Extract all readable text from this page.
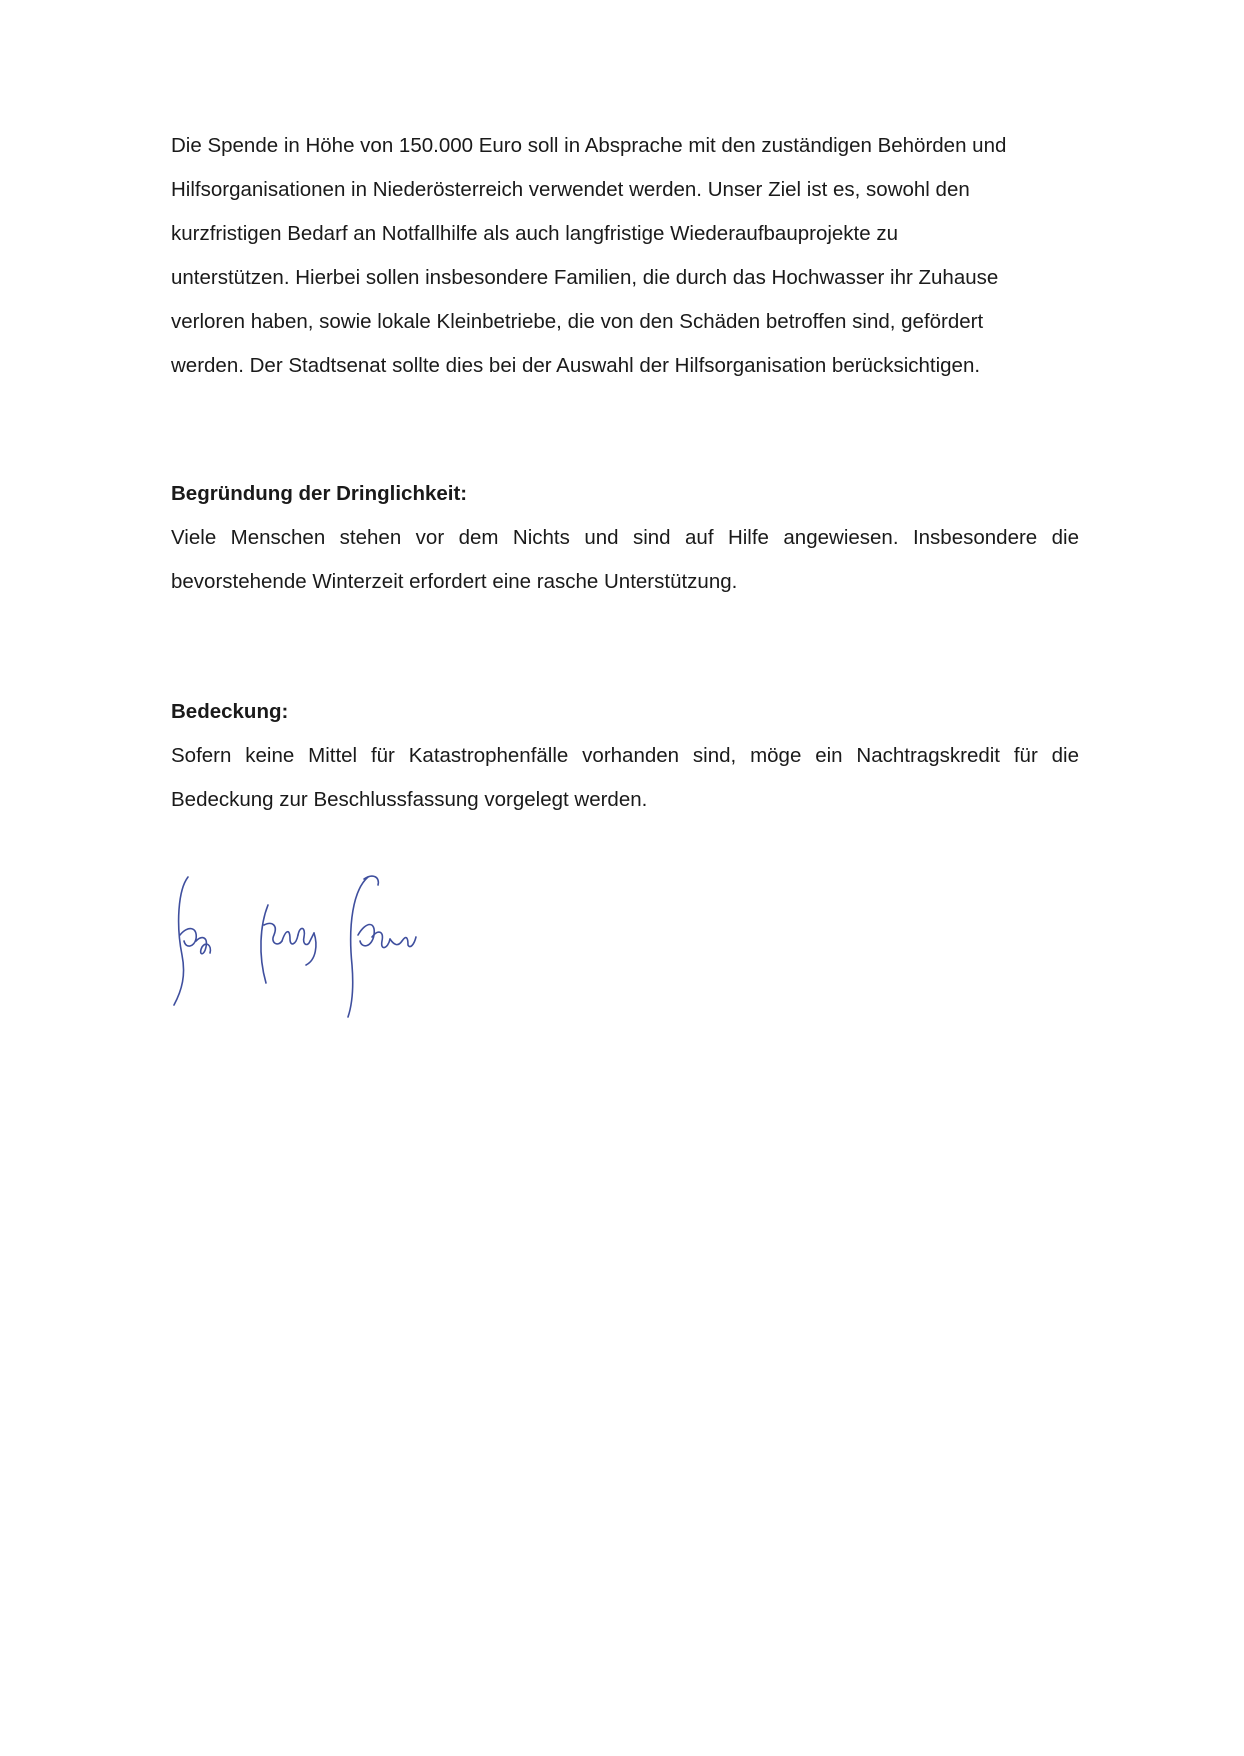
Die Spende in Höhe von 150.000 Euro soll in Absprache mit den zuständigen Behörden und
Hilfsorganisationen in Niederösterreich verwendet werden. Unser Ziel ist es, sowohl den
kurzfristigen Bedarf an Notfallhilfe als auch langfristige Wiederaufbauprojekte zu
unterstützen. Hierbei sollen insbesondere Familien, die durch das Hochwasser ihr Zuhause
verloren haben, sowie lokale Kleinbetriebe, die von den Schäden betroffen sind, gefördert
werden. Der Stadtsenat sollte dies bei der Auswahl der Hilfsorganisation berücksichtigen.

Begründung der Dringlichkeit:

Viele Menschen stehen vor dem Nichts und sind auf Hilfe angewiesen. Insbesondere die bevorstehende Winterzeit erfordert eine rasche Unterstützung.

Bedeckung:

Sofern keine Mittel für Katastrophenfälle vorhanden sind, möge ein Nachtragskredit für die Bedeckung zur Beschlussfassung vorgelegt werden.
